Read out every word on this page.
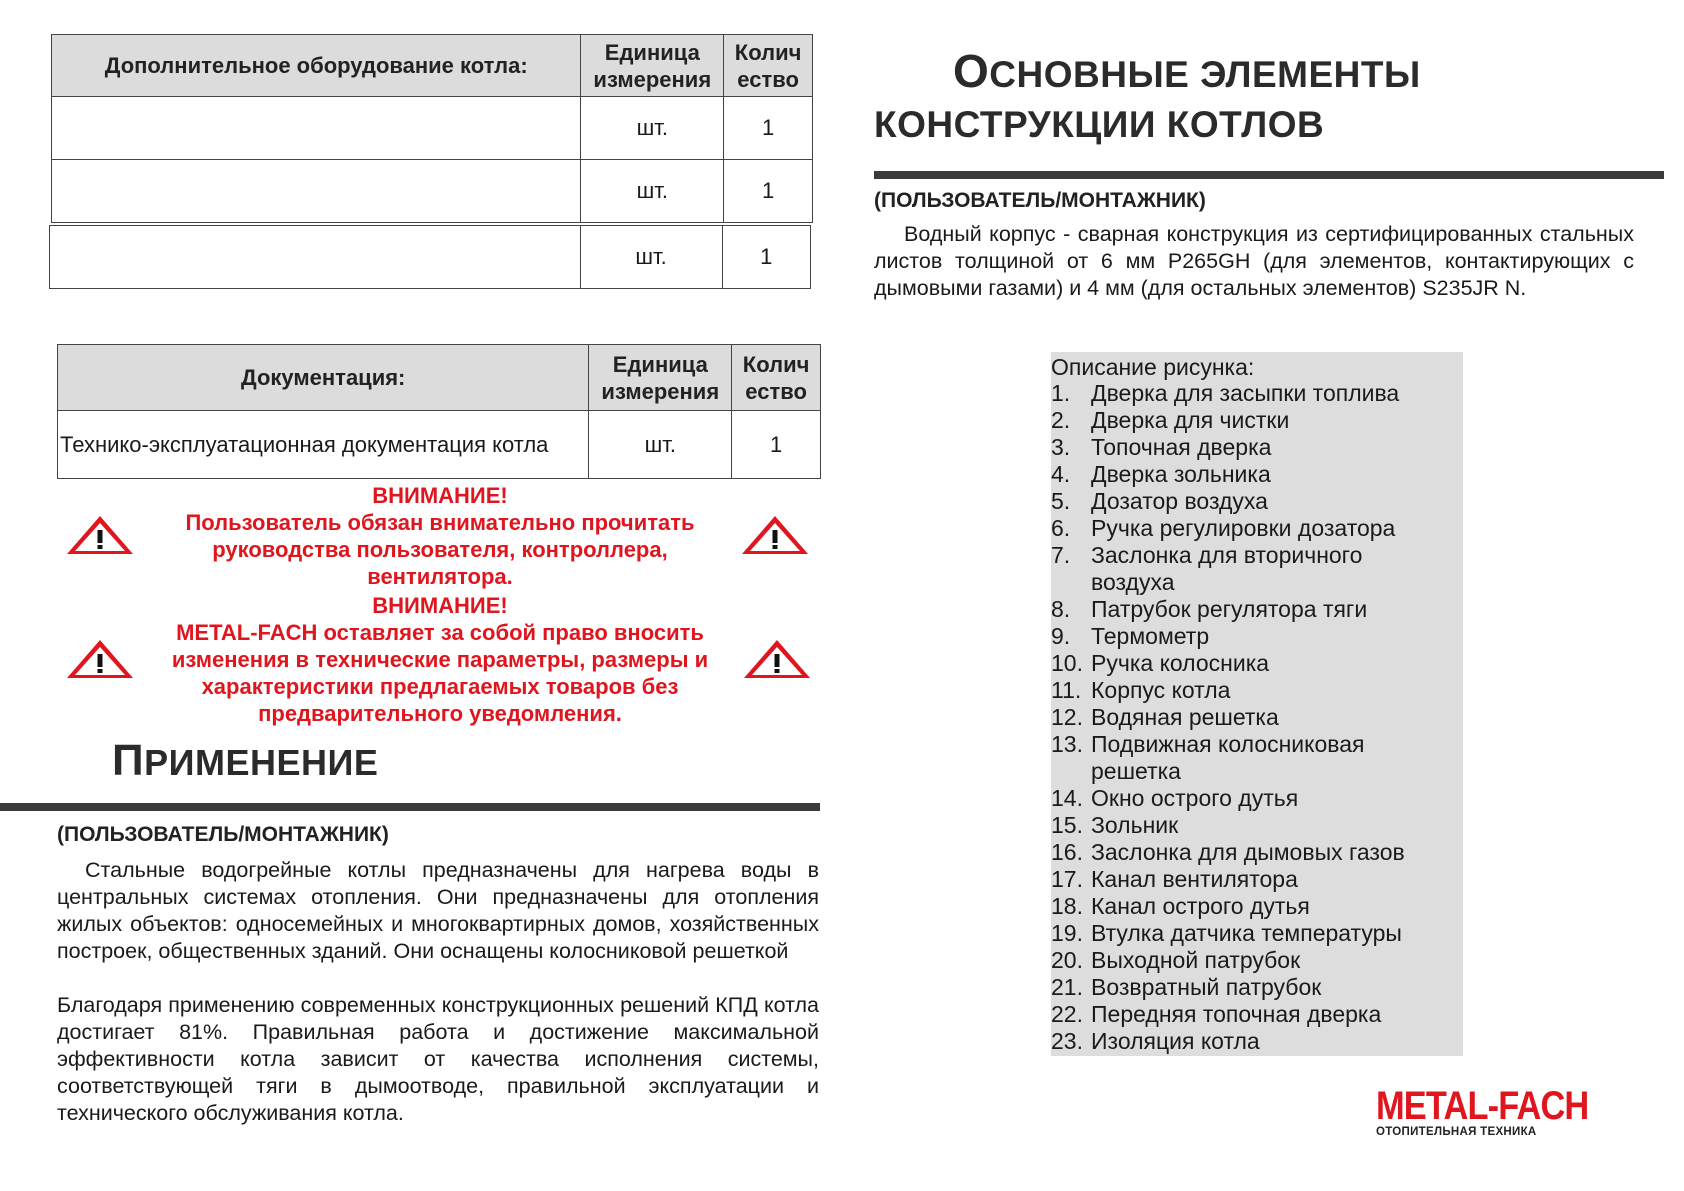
Дополнительное оборудование котла:	Единица измерения	Колич ество
	шт.	1
	шт.	1
	шт.	1
Документация:	Единица измерения	Колич ество
Технико-эксплуатационная документация котла	шт.	1
ВНИМАНИЕ!
Пользователь обязан внимательно прочитать руководства пользователя, контроллера, вентилятора.
ВНИМАНИЕ!
METAL-FACH оставляет за собой право вносить изменения в технические параметры, размеры и характеристики предлагаемых товаров без предварительного уведомления.
ПРИМЕНЕНИЕ
(ПОЛЬЗОВАТЕЛЬ/МОНТАЖНИК)
Стальные водогрейные котлы предназначены для нагрева воды в центральных системах отопления. Они предназначены для отопления жилых объектов: односемейных и многоквартирных домов, хозяйственных построек, общественных зданий. Они оснащены колосниковой решеткой
Благодаря применению современных конструкционных решений КПД котла достигает 81%. Правильная работа и достижение максимальной эффективности котла зависит от качества исполнения системы, соответствующей тяги в дымоотводе, правильной эксплуатации и технического обслуживания котла.
ОСНОВНЫЕ ЭЛЕМЕНТЫ
КОНСТРУКЦИИ КОТЛОВ
(ПОЛЬЗОВАТЕЛЬ/МОНТАЖНИК)
Водный корпус - сварная конструкция из сертифицированных стальных листов толщиной от 6 мм P265GH (для элементов, контактирующих с дымовыми газами) и 4 мм (для остальных элементов) S235JR N.
Описание рисунка:
1. Дверка для засыпки топлива
2. Дверка для чистки
3. Топочная дверка
4. Дверка зольника
5. Дозатор воздуха
6. Ручка регулировки дозатора
7. Заслонка для вторичного воздуха
8. Патрубок регулятора тяги
9. Термометр
10. Ручка колосника
11. Корпус котла
12. Водяная решетка
13. Подвижная колосниковая решетка
14. Окно острого дутья
15. Зольник
16. Заслонка для дымовых газов
17. Канал вентилятора
18. Канал острого дутья
19. Втулка датчика температуры
20. Выходной патрубок
21. Возвратный патрубок
22. Передняя топочная дверка
23. Изоляция котла
METAL-FACH
ОТОПИТЕЛЬНАЯ ТЕХНИКА
